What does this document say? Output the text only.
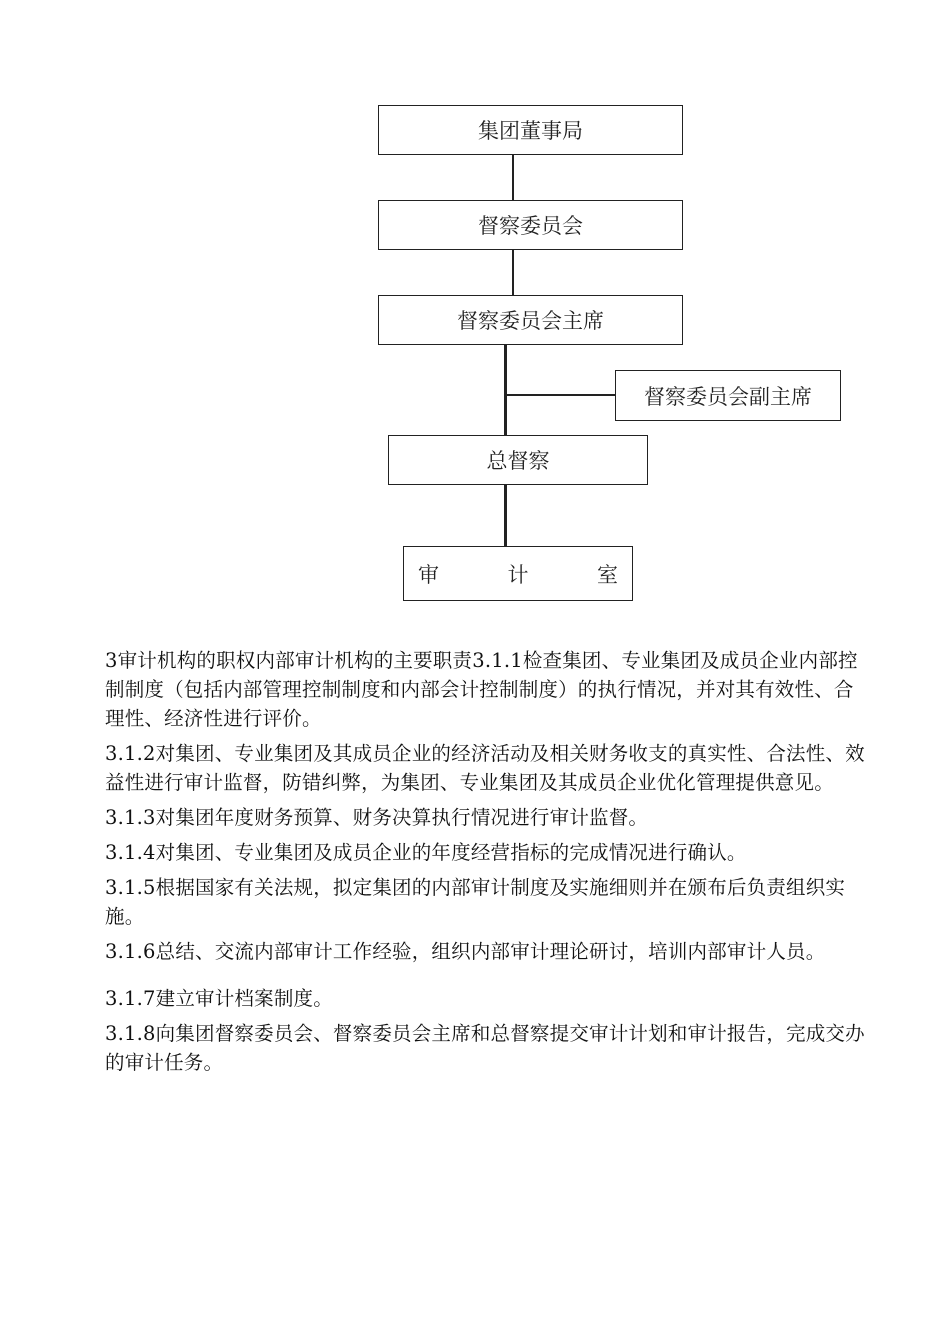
集团董事局
督察委员会
督察委员会主席
督察委员会副主席
总督察
审	计	室

3审计机构的职权内部审计机构的主要职责3.1.1检查集团、专业集团及成员企业内部控制制度（包括内部管理控制制度和内部会计控制制度）的执行情况，并对其有效性、合理性、经济性进行评价。

3.1.2对集团、专业集团及其成员企业的经济活动及相关财务收支的真实性、合法性、效益性进行审计监督，防错纠弊，为集团、专业集团及其成员企业优化管理提供意见。

3.1.3对集团年度财务预算、财务决算执行情况进行审计监督。

3.1.4对集团、专业集团及成员企业的年度经营指标的完成情况进行确认。

3.1.5根据国家有关法规，拟定集团的内部审计制度及实施细则并在颁布后负责组织实施。

3.1.6总结、交流内部审计工作经验，组织内部审计理论研讨，培训内部审计人员。

3.1.7建立审计档案制度。

3.1.8向集团督察委员会、督察委员会主席和总督察提交审计计划和审计报告，完成交办的审计任务。
